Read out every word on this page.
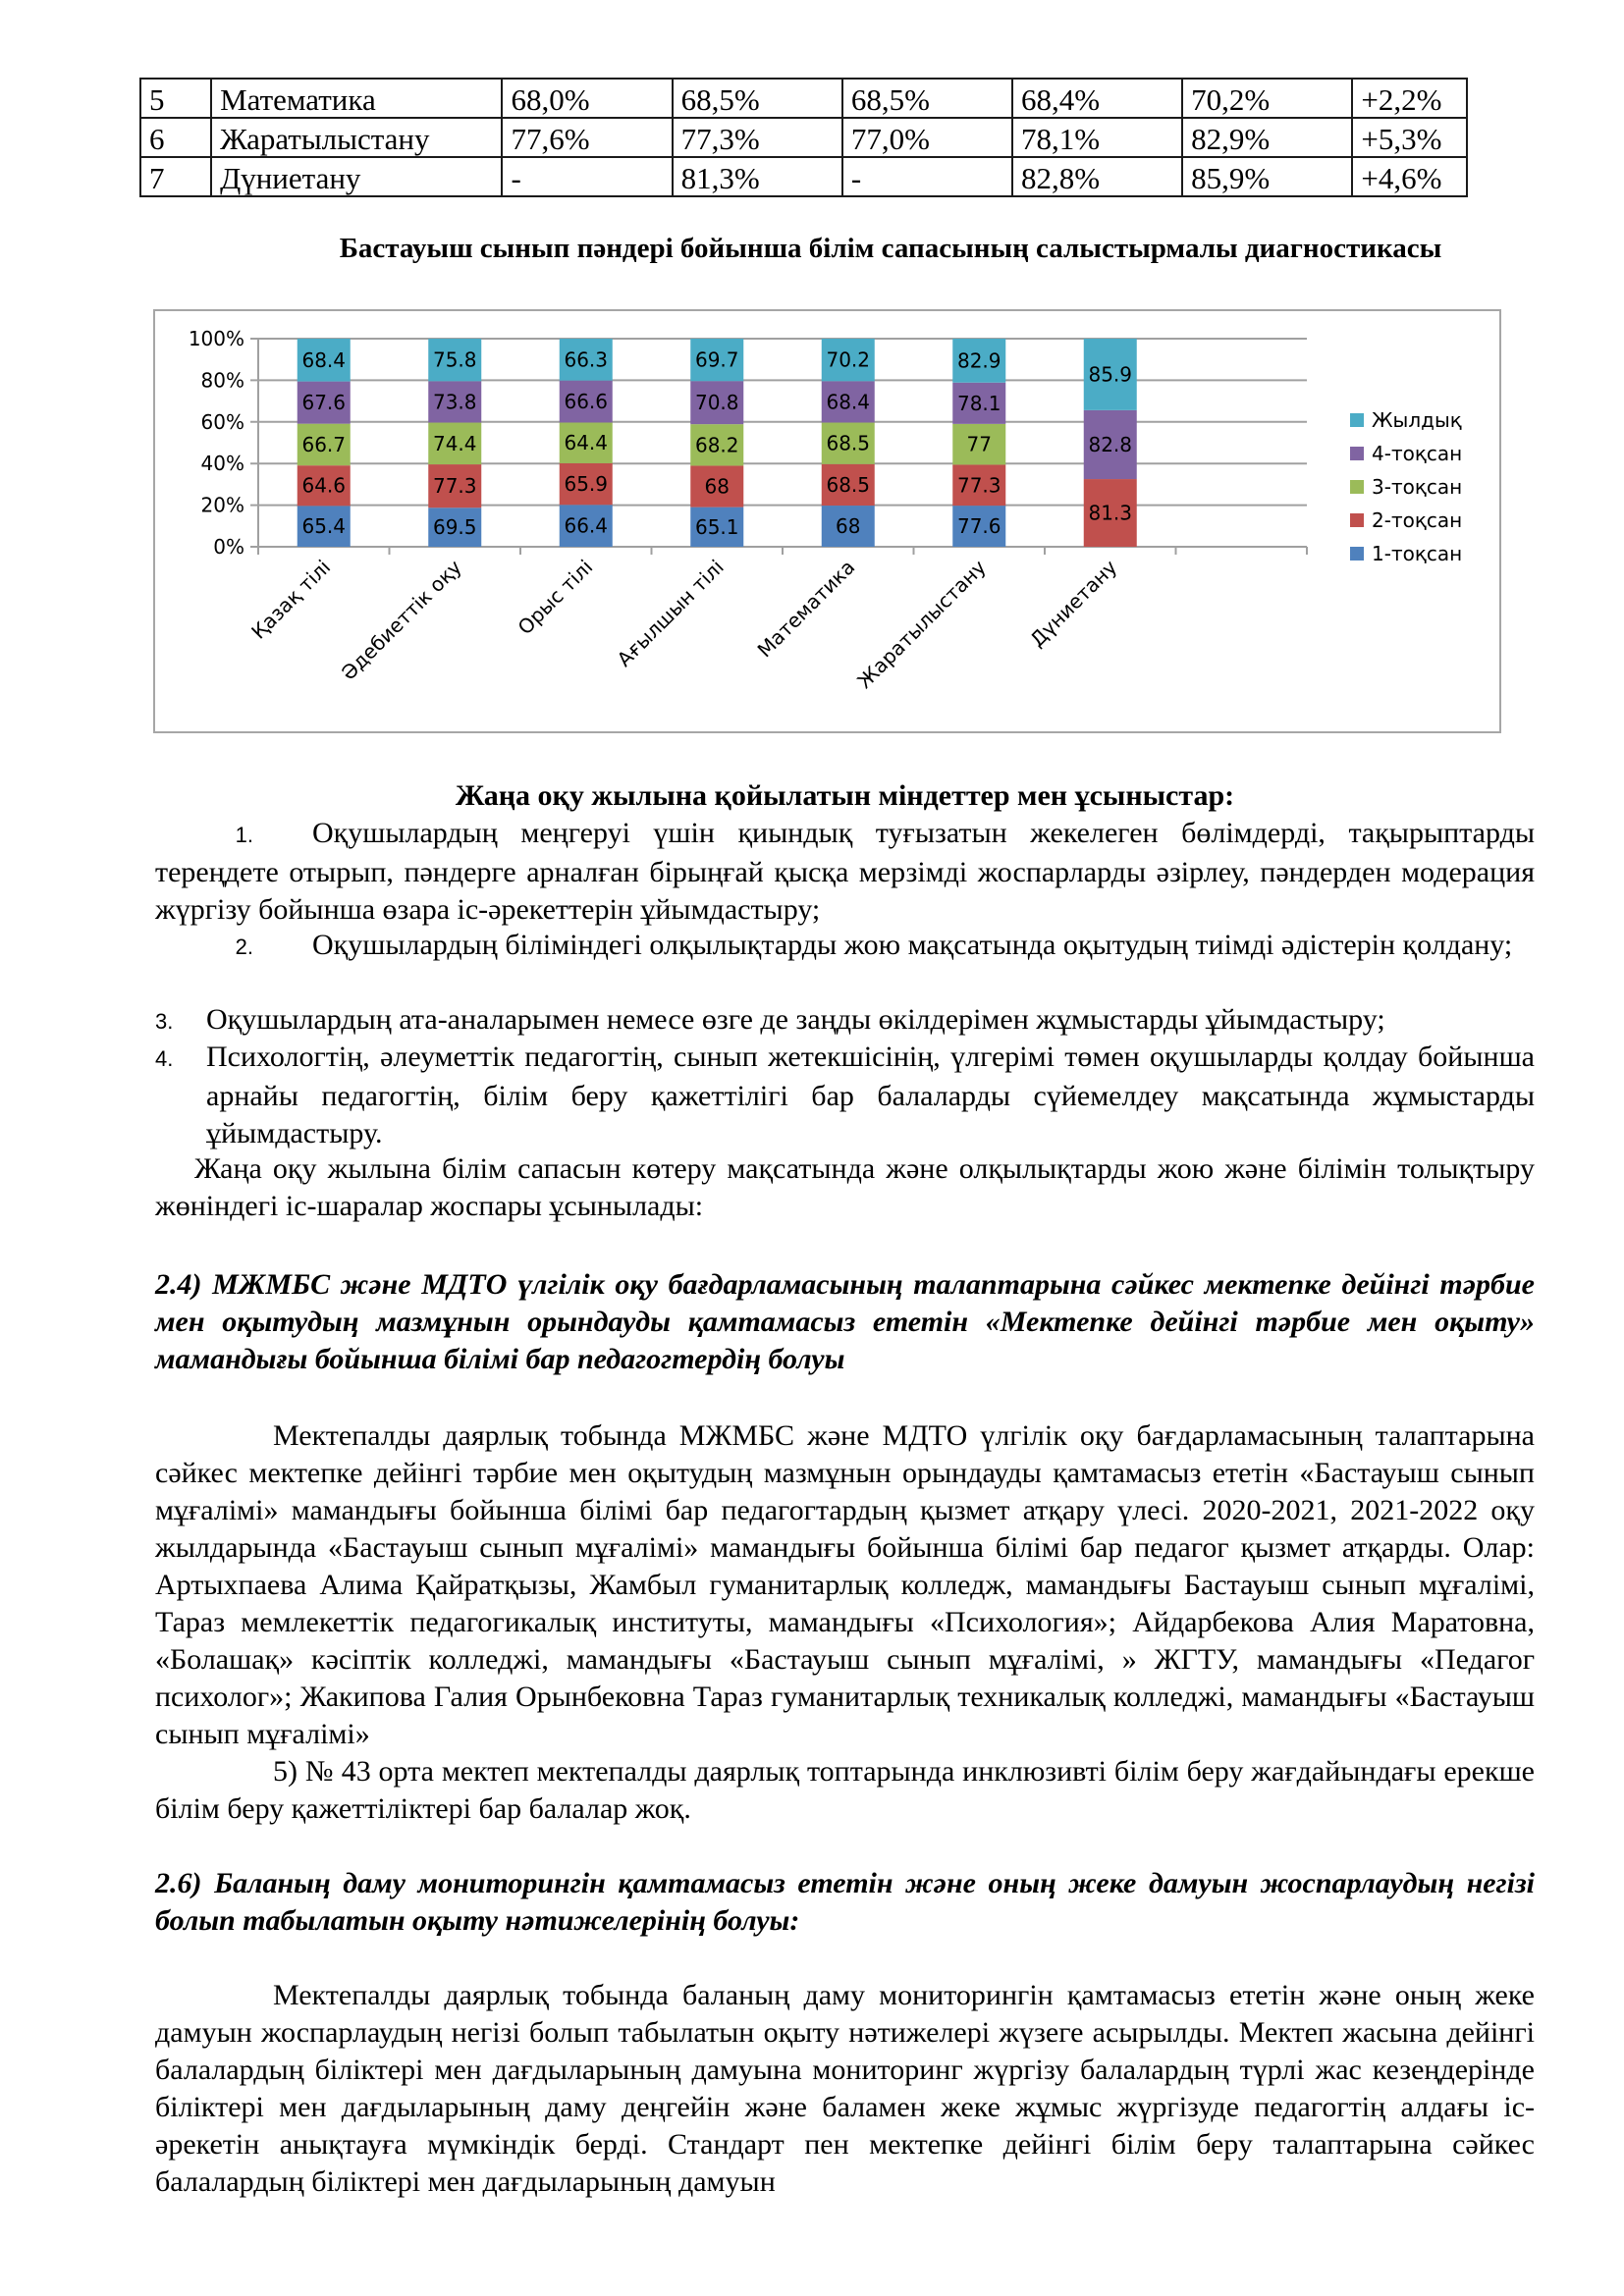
5	Математика	68,0%	68,5%	68,5%	68,4%	70,2%	+2,2%
6	Жаратылыстану	77,6%	77,3%	77,0%	78,1%	82,9%	+5,3%
7	Дүниетану	-	81,3%	-	82,8%	85,9%	+4,6%
Бастауыш сынып пәндері бойынша білім сапасының салыстырмалы диагностикасы
0%
20%
40%
60%
80%
100%
65.4
64.6
66.7
67.6
68.4
Қазақ тілі
69.5
77.3
74.4
73.8
75.8
Әдебиеттік оқу
66.4
65.9
64.4
66.6
66.3
Орыс тілі
65.1
68
68.2
70.8
69.7
Ағылшын тілі
68
68.5
68.5
68.4
70.2
Математика
77.6
77.3
77
78.1
82.9
Жаратылыстану
81.3
82.8
85.9
Дүниетану
Жылдық
4-тоқсан
3-тоқсан
2-тоқсан
1-тоқсан
Жаңа оқу жылына қойылатын міндеттер мен ұсыныстар:
1. Оқушылардың меңгеруі үшін қиындық туғызатын жекелеген бөлімдерді, тақырыптарды тереңдете отырып, пәндерге арналған бірыңғай қысқа мерзімді жоспарларды әзірлеу, пәндерден модерация жүргізу бойынша өзара іс-әрекеттерін ұйымдастыру;
2. Оқушылардың біліміндегі олқылықтарды жою мақсатында оқытудың тиімді әдістерін қолдану;
3. Оқушылардың ата-аналарымен немесе өзге де заңды өкілдерімен жұмыстарды ұйымдастыру;
4. Психологтің, әлеуметтік педагогтің, сынып жетекшісінің, үлгерімі төмен оқушыларды қолдау бойынша арнайы педагогтің, білім беру қажеттілігі бар балаларды сүйемелдеу мақсатында жұмыстарды ұйымдастыру.
Жаңа оқу жылына білім сапасын көтеру мақсатында және олқылықтарды жою және білімін толықтыру жөніндегі іс-шаралар жоспары ұсынылады:
2.4) МЖМБС және МДТО үлгілік оқу бағдарламасының талаптарына сәйкес мектепке дейінгі тәрбие мен оқытудың мазмұнын орындауды қамтамасыз ететін «Мектепке дейінгі тәрбие мен оқыту» мамандығы бойынша білімі бар педагогтердің болуы
Мектепалды даярлық тобында МЖМБС және МДТО үлгілік оқу бағдарламасының талаптарына сәйкес мектепке дейінгі тәрбие мен оқытудың мазмұнын орындауды қамтамасыз ететін «Бастауыш сынып мұғалімі» мамандығы бойынша білімі бар педагогтардың қызмет атқару үлесі. 2020-2021, 2021-2022 оқу жылдарында «Бастауыш сынып мұғалімі» мамандығы бойынша білімі бар педагог қызмет атқарды. Олар: Артыхпаева Алима Қайратқызы, Жамбыл гуманитарлық колледж, мамандығы Бастауыш сынып мұғалімі, Тараз мемлекеттік педагогикалық институты, мамандығы «Психология»; Айдарбекова Алия Маратовна, «Болашақ» кәсіптік колледжі, мамандығы «Бастауыш сынып мұғалімі, » ЖГТУ, мамандығы «Педагог психолог»; Жакипова Галия Орынбековна Тараз гуманитарлық техникалық колледжі, мамандығы «Бастауыш сынып мұғалімі»
5) № 43 орта мектеп мектепалды даярлық топтарында инклюзивті білім беру жағдайындағы ерекше білім беру қажеттіліктері бар балалар жоқ.
2.6) Баланың даму мониторингін қамтамасыз ететін және оның жеке дамуын жоспарлаудың негізі болып табылатын оқыту нәтижелерінің болуы:
Мектепалды даярлық тобында баланың даму мониторингін қамтамасыз ететін және оның жеке дамуын жоспарлаудың негізі болып табылатын оқыту нәтижелері жүзеге асырылды. Мектеп жасына дейінгі балалардың біліктері мен дағдыларының дамуына мониторинг жүргізу балалардың түрлі жас кезеңдерінде біліктері мен дағдыларының даму деңгейін және баламен жеке жұмыс жүргізуде педагогтің алдағы іс-әрекетін анықтауға мүмкіндік берді. Стандарт пен мектепке дейінгі білім беру талаптарына сәйкес балалардың біліктері мен дағдыларының дамуын
